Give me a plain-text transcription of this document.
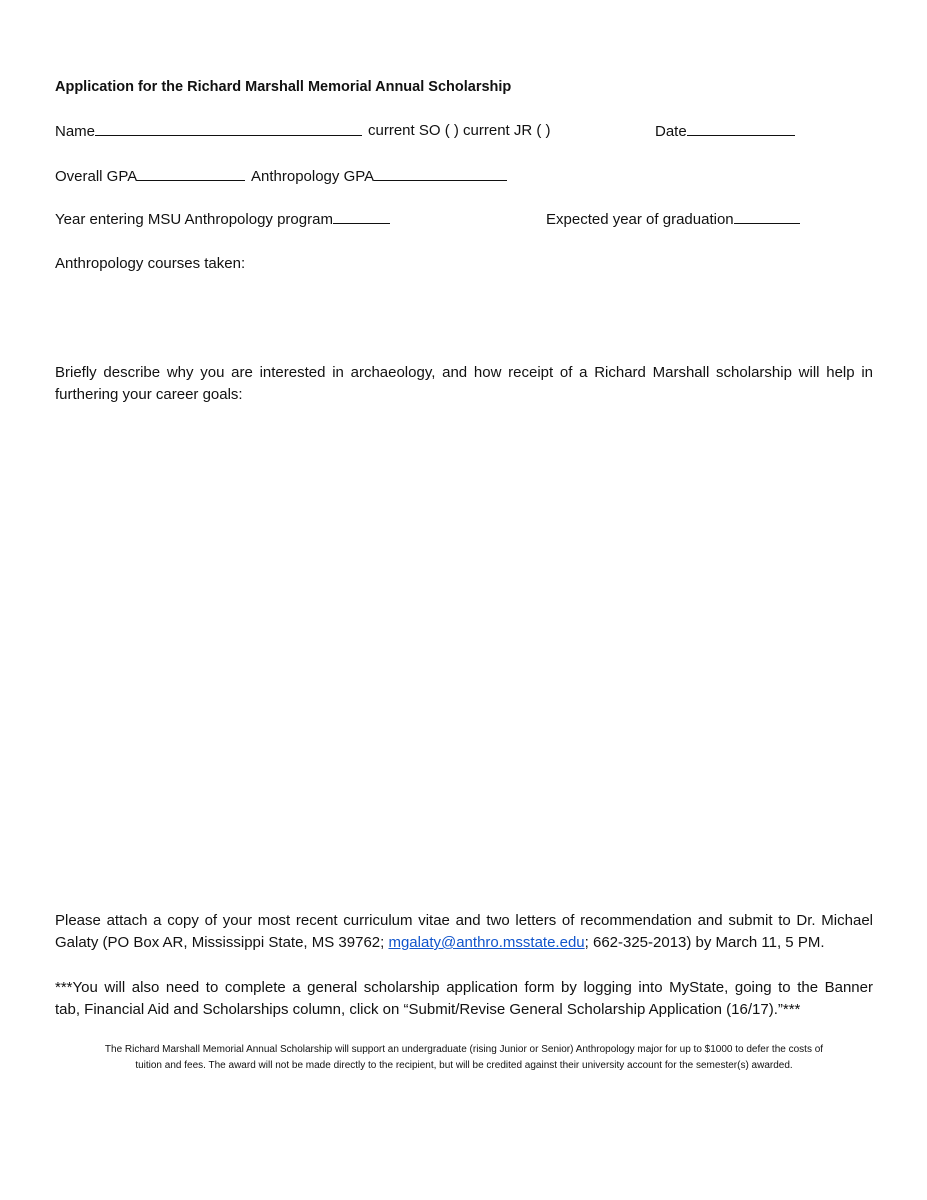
Application for the Richard Marshall Memorial Annual Scholarship
Name	current SO ( ) current JR ( )	Date
Overall GPA	Anthropology GPA
Year entering MSU Anthropology program	Expected year of graduation
Anthropology courses taken:
Briefly describe why you are interested in archaeology, and how receipt of a Richard Marshall scholarship will help in
furthering your career goals:
Please attach a copy of your most recent curriculum vitae and two letters of recommendation and submit to Dr. Michael
Galaty (PO Box AR, Mississippi State, MS 39762; mgalaty@anthro.msstate.edu; 662-325-2013) by March 11, 5 PM.
***You will also need to complete a general scholarship application form by logging into MyState, going to the Banner
tab, Financial Aid and Scholarships column, click on “Submit/Revise General Scholarship Application (16/17).”***
The Richard Marshall Memorial Annual Scholarship will support an undergraduate (rising Junior or Senior) Anthropology major for up to $1000 to defer the costs of
tuition and fees. The award will not be made directly to the recipient, but will be credited against their university account for the semester(s) awarded.
